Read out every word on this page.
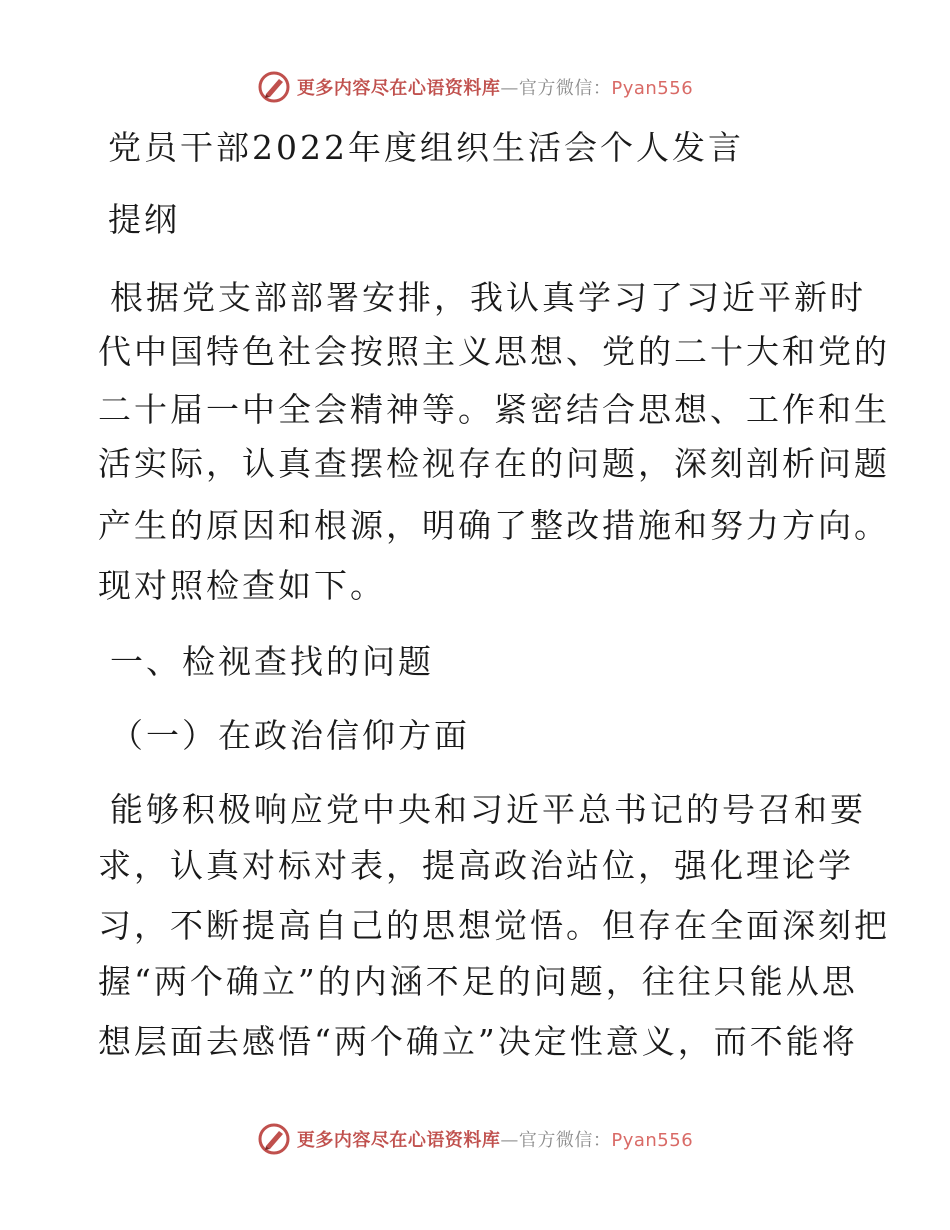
更多内容尽在心语资料库—官方微信：Pyan556
党员干部2022年度组织生活会个人发言
提纲
根据党支部部署安排，我认真学习了习近平新时
代中国特色社会按照主义思想、党的二十大和党的
二十届一中全会精神等。紧密结合思想、工作和生
活实际，认真查摆检视存在的问题，深刻剖析问题
产生的原因和根源，明确了整改措施和努力方向。
现对照检查如下。
一、检视查找的问题
（一）在政治信仰方面
能够积极响应党中央和习近平总书记的号召和要
求，认真对标对表，提高政治站位，强化理论学
习，不断提高自己的思想觉悟。但存在全面深刻把
握“两个确立”的内涵不足的问题，往往只能从思
想层面去感悟“两个确立”决定性意义，而不能将
更多内容尽在心语资料库—官方微信：Pyan556
